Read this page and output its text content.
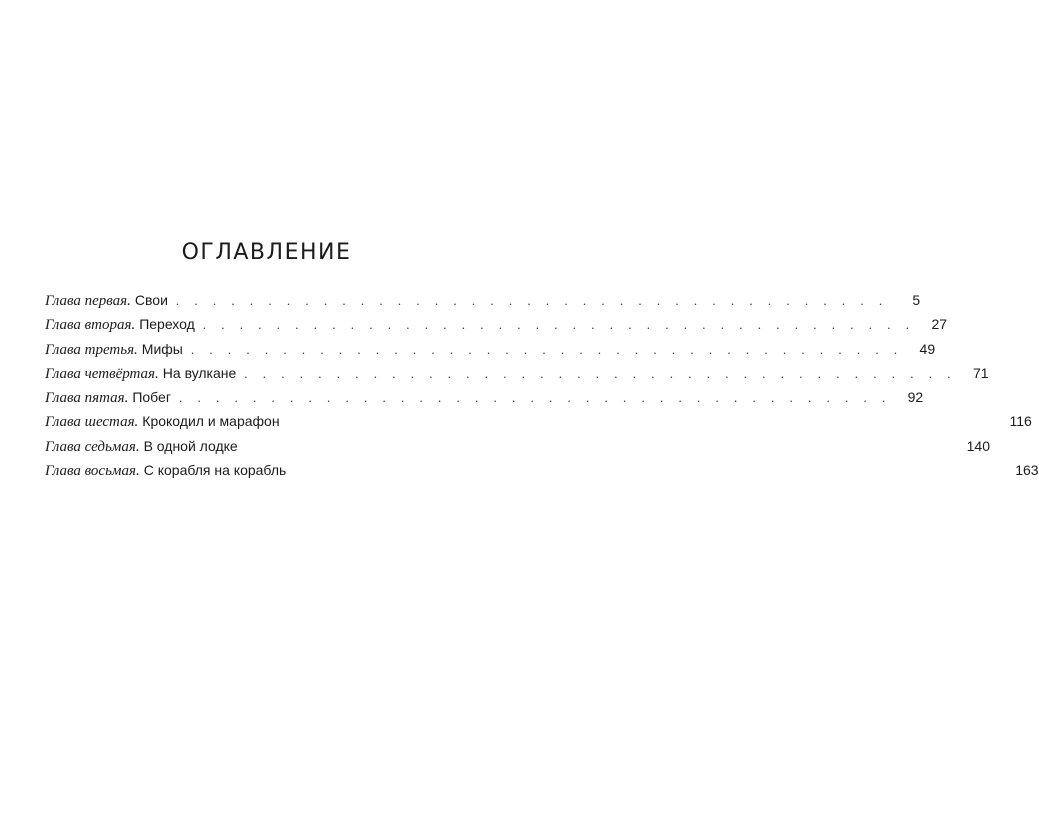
ОГЛАВЛЕНИЕ
Глава первая. Свои . . . . . . . . . . . . . . . . . . . . . . . . . . . . . . . . . . . . . . .	5
Глава вторая. Переход . . . . . . . . . . . . . . . . . . . . . . . . . . . . . . . . . . . . . . .	27
Глава третья. Мифы . . . . . . . . . . . . . . . . . . . . . . . . . . . . . . . . . . . . . . .	49
Глава четвёртая. На вулкане . . . . . . . . . . . . . . . . . . . . . . . . . . . . . . . . . . . . . . .	71
Глава пятая. Побег . . . . . . . . . . . . . . . . . . . . . . . . . . . . . . . . . . . . . . .	92
Глава шестая. Крокодил и марафон	116
Глава седьмая. В одной лодке	140
Глава восьмая. С корабля на корабль	163
